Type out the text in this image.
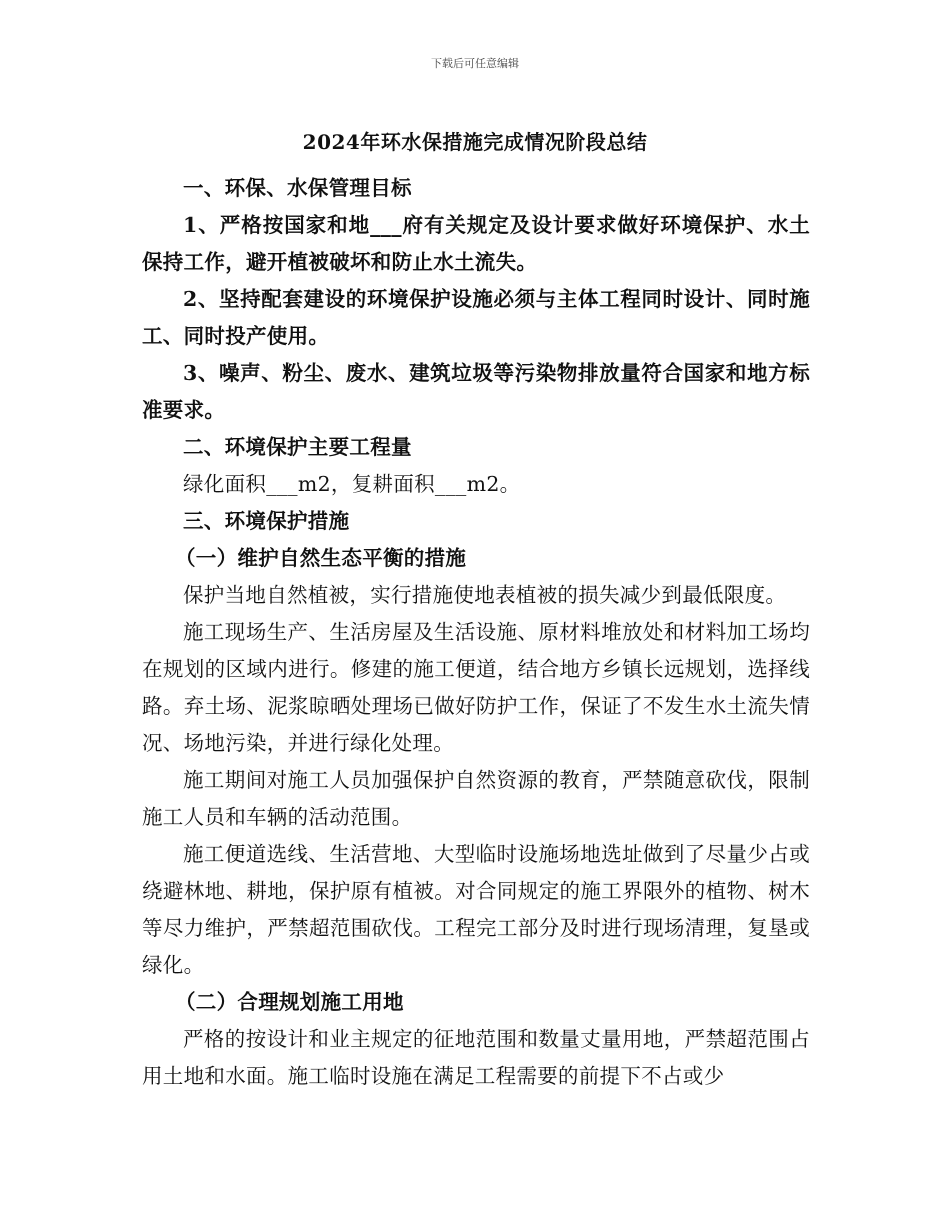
下载后可任意编辑
2024年环水保措施完成情况阶段总结

一、环保、水保管理目标

1、严格按国家和地___府有关规定及设计要求做好环境保护、水土保持工作，避开植被破坏和防止水土流失。

2、坚持配套建设的环境保护设施必须与主体工程同时设计、同时施工、同时投产使用。

3、噪声、粉尘、废水、建筑垃圾等污染物排放量符合国家和地方标准要求。

二、环境保护主要工程量

绿化面积___m2，复耕面积___m2。

三、环境保护措施

（一）维护自然生态平衡的措施

保护当地自然植被，实行措施使地表植被的损失减少到最低限度。

施工现场生产、生活房屋及生活设施、原材料堆放处和材料加工场均在规划的区域内进行。修建的施工便道，结合地方乡镇长远规划，选择线路。弃土场、泥浆晾晒处理场已做好防护工作，保证了不发生水土流失情况、场地污染，并进行绿化处理。

施工期间对施工人员加强保护自然资源的教育，严禁随意砍伐，限制施工人员和车辆的活动范围。

施工便道选线、生活营地、大型临时设施场地选址做到了尽量少占或绕避林地、耕地，保护原有植被。对合同规定的施工界限外的植物、树木等尽力维护，严禁超范围砍伐。工程完工部分及时进行现场清理，复垦或绿化。

（二）合理规划施工用地

严格的按设计和业主规定的征地范围和数量丈量用地，严禁超范围占用土地和水面。施工临时设施在满足工程需要的前提下不占或少
